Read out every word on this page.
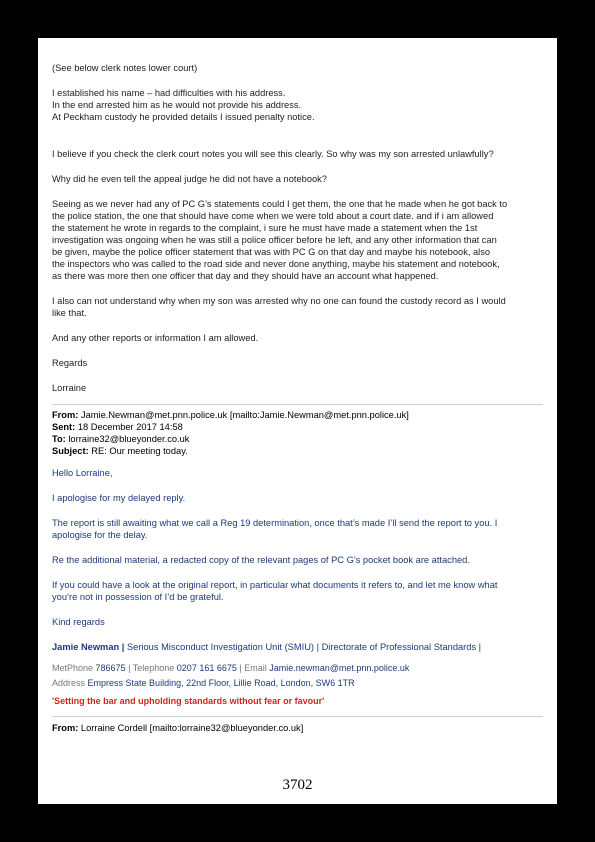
(See below clerk notes lower court)

I established his name – had difficulties with his address.
In the end arrested him as he would not provide his address.
At Peckham custody he provided details I issued penalty notice.

I believe if you check the clerk court notes you will see this clearly. So why was my son arrested unlawfully?

Why did he even tell the appeal judge he did not have a notebook?

Seeing as we never had any of PC G’s statements could I get them, the one that he made when he got back to
the police station, the one that should have come when we were told about a court date. and if i am allowed
the statement he wrote in regards to the complaint, i sure he must have made a statement when the 1st
investigation was ongoing when he was still a police officer before he left, and any other information that can
be given, maybe the police officer statement that was with PC G on that day and maybe his notebook, also
the inspectors who was called to the road side and never done anything, maybe his statement and notebook,
as there was more then one officer that day and they should have an account what happened.
I also can not understand why when my son was arrested why no one can found the custody record as I would
like that.

And any other reports or information I am allowed.

Regards

Lorraine

From: Jamie.Newman@met.pnn.police.uk [mailto:Jamie.Newman@met.pnn.police.uk]
Sent: 18 December 2017 14:58
To: lorraine32@blueyonder.co.uk
Subject: RE: Our meeting today.

Hello Lorraine,

I apologise for my delayed reply.

The report is still awaiting what we call a Reg 19 determination, once that’s made I’ll send the report to you. I
apologise for the delay.

Re the additional material, a redacted copy of the relevant pages of PC G’s pocket book are attached.

If you could have a look at the original report, in particular what documents it refers to, and let me know what
you’re not in possession of I’d be grateful.

Kind regards

Jamie Newman | Serious Misconduct Investigation Unit (SMIU) | Directorate of Professional Standards |
MetPhone 786675 | Telephone 0207 161 6675 | Email Jamie.newman@met.pnn.police.uk
Address Empress State Building, 22nd Floor, Lillie Road, London, SW6 1TR
'Setting the bar and upholding standards without fear or favour'
From: Lorraine Cordell [mailto:lorraine32@blueyonder.co.uk]
3702
